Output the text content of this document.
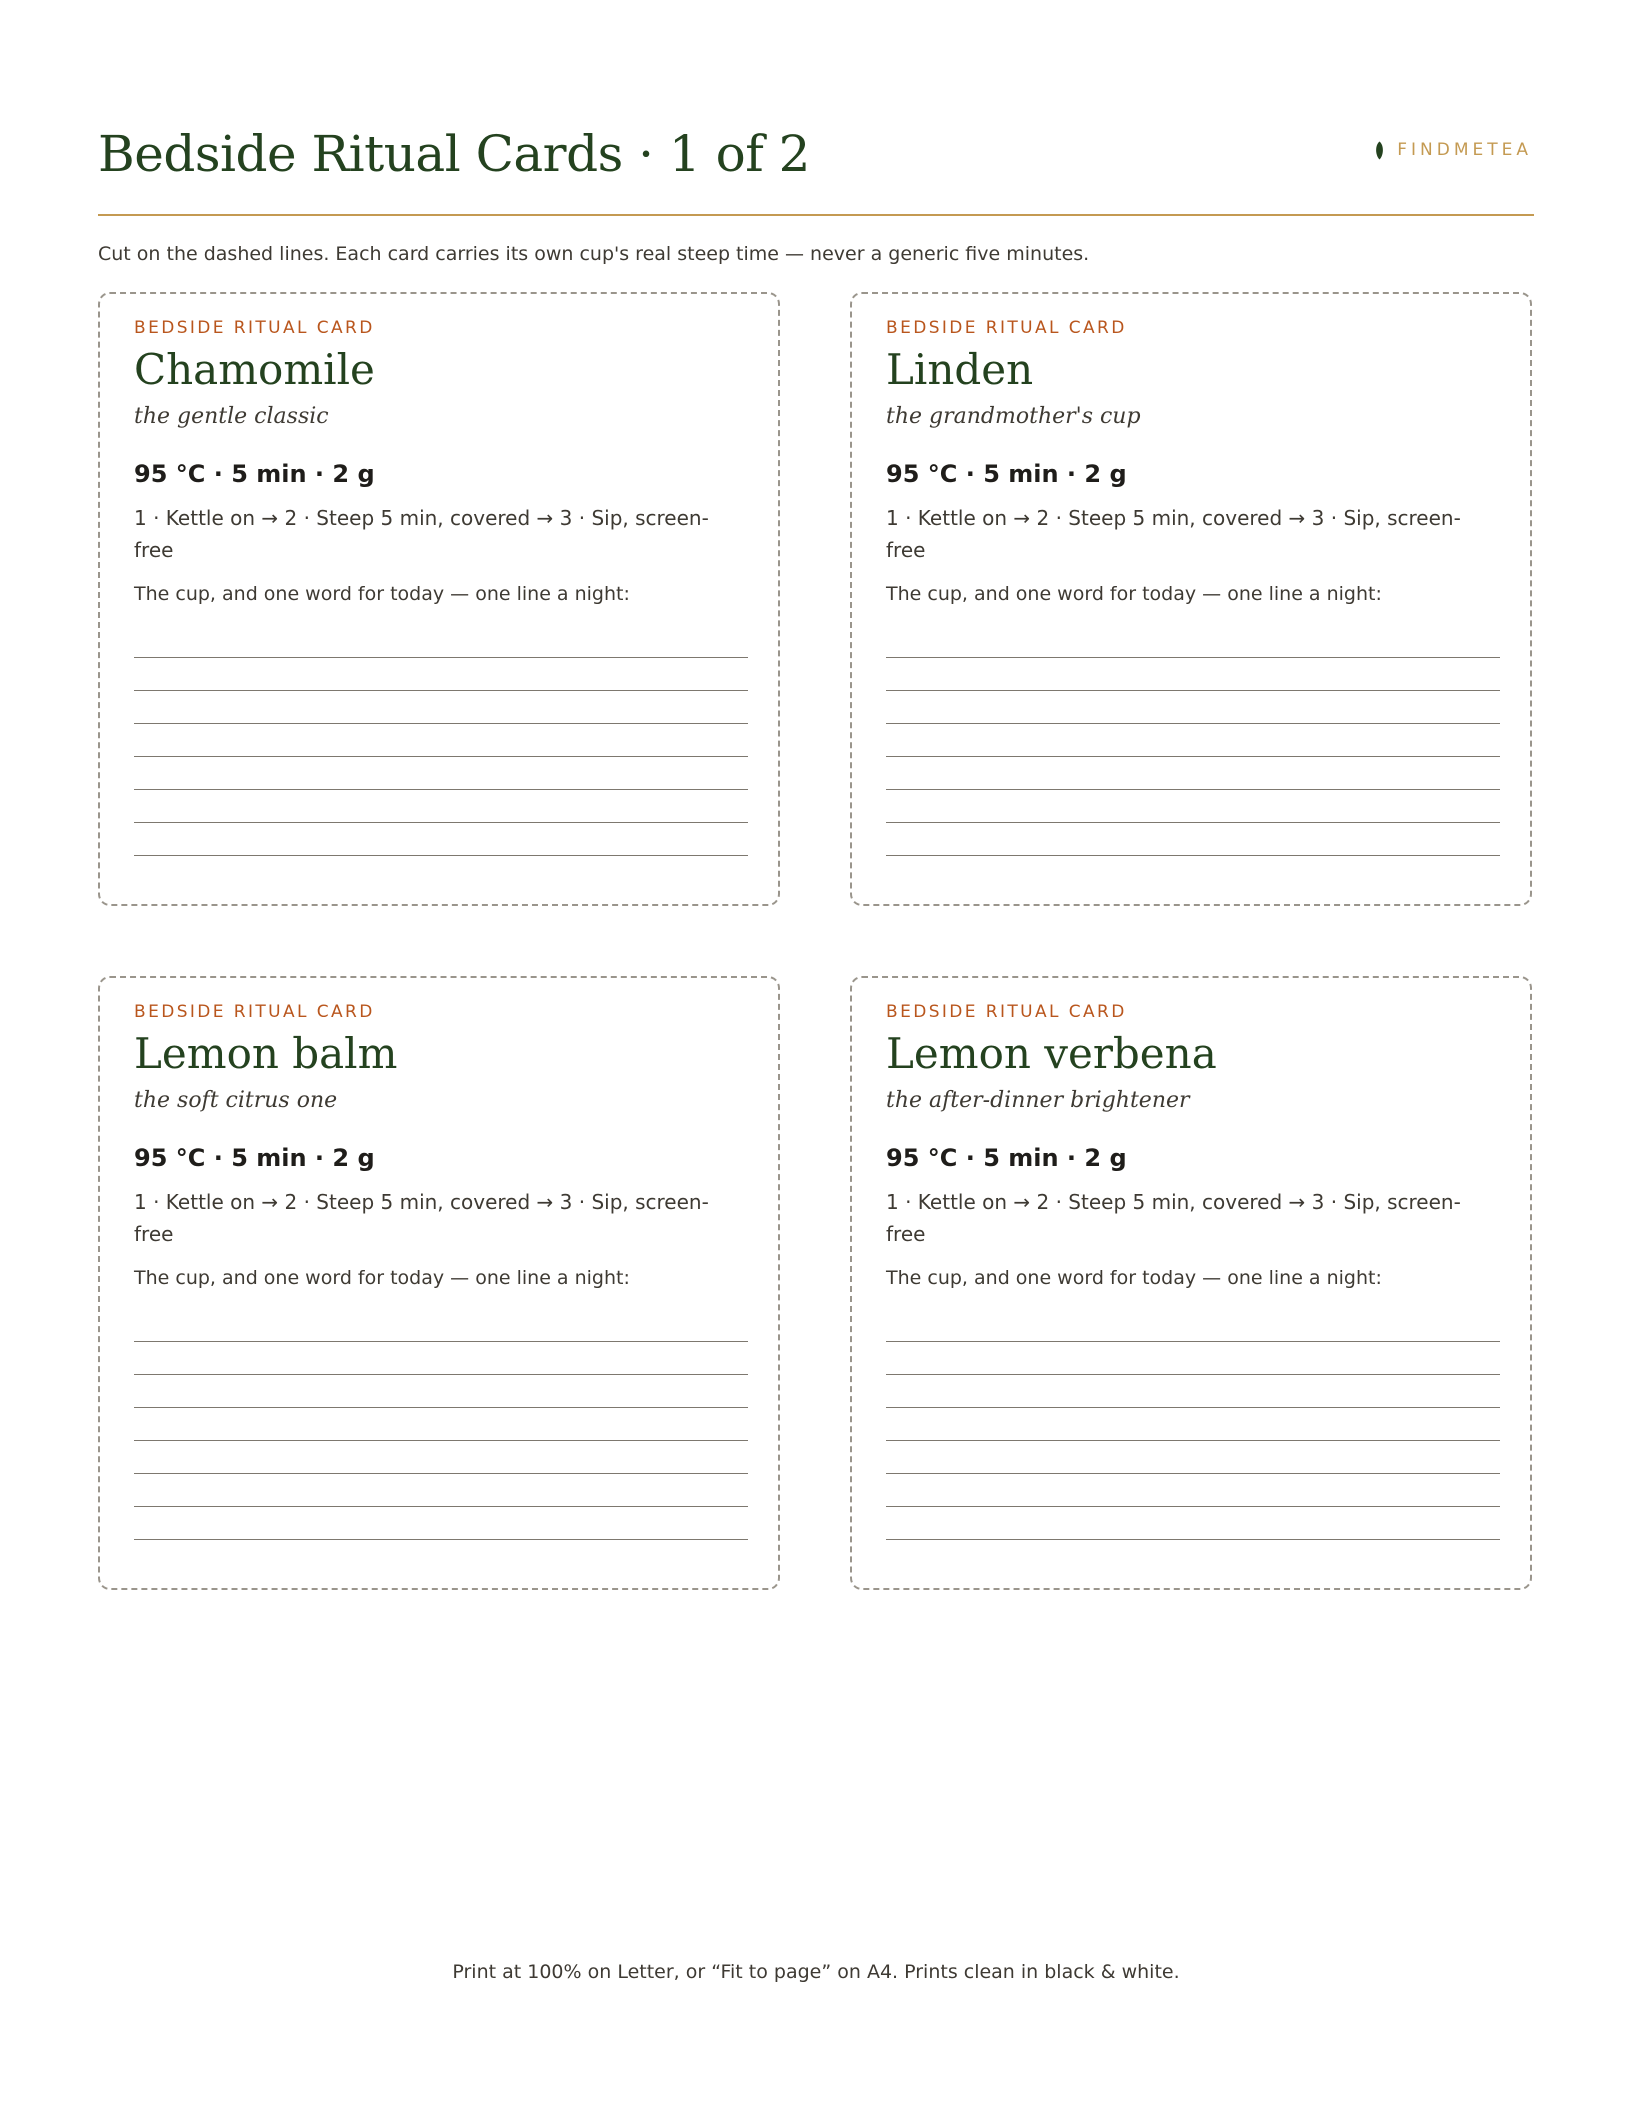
Bedside Ritual Cards · 1 of 2	FINDMETEA
Cut on the dashed lines. Each card carries its own cup's real steep time — never a generic five minutes.
BEDSIDE RITUAL CARD
Chamomile
the gentle classic
95 °C · 5 min · 2 g
1 · Kettle on → 2 · Steep 5 min, covered → 3 · Sip, screen-free
The cup, and one word for today — one line a night:
BEDSIDE RITUAL CARD
Linden
the grandmother's cup
95 °C · 5 min · 2 g
1 · Kettle on → 2 · Steep 5 min, covered → 3 · Sip, screen-free
The cup, and one word for today — one line a night:
BEDSIDE RITUAL CARD
Lemon balm
the soft citrus one
95 °C · 5 min · 2 g
1 · Kettle on → 2 · Steep 5 min, covered → 3 · Sip, screen-free
The cup, and one word for today — one line a night:
BEDSIDE RITUAL CARD
Lemon verbena
the after-dinner brightener
95 °C · 5 min · 2 g
1 · Kettle on → 2 · Steep 5 min, covered → 3 · Sip, screen-free
The cup, and one word for today — one line a night:
Print at 100% on Letter, or “Fit to page” on A4. Prints clean in black & white.
